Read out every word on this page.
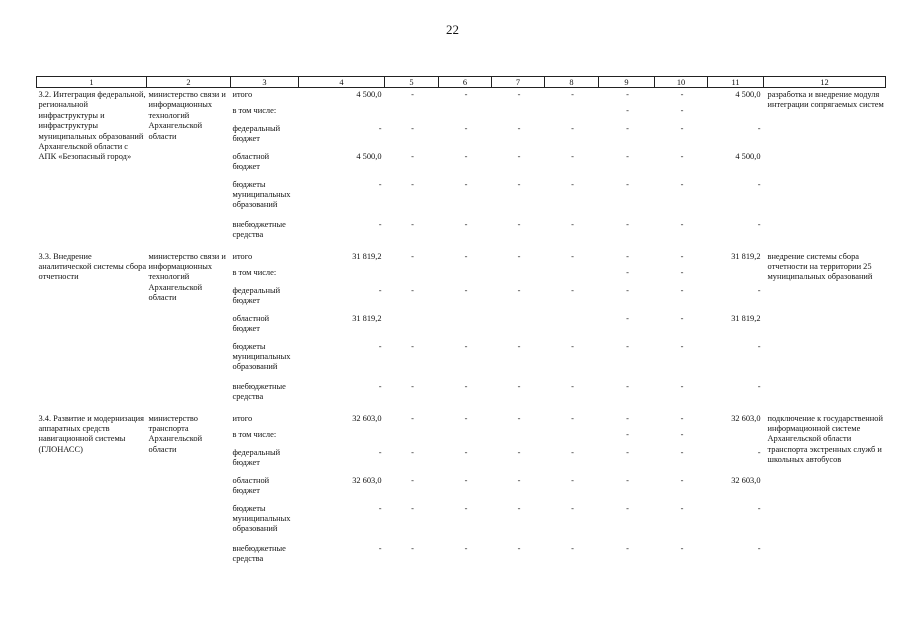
22
1	2	3	4	5	6	7	8	9	10	11	12
3.2. Интеграция федеральной, региональной инфраструктуры и инфраструктуры муниципальных образований Архангельской области с АПК «Безопасный город»	министерство связи и информационных технологий Архангельской области	итого	4 500,0	-	-	-	-	-	-	4 500,0	разработка и внедрение модуля интеграции сопрягаемых систем
		в том числе:						-	-		
		федеральный бюджет	-	-	-	-	-	-	-	-	
		областной бюджет	4 500,0	-	-	-	-	-	-	4 500,0	
		бюджеты муниципальных образований	-	-	-	-	-	-	-	-	
		внебюджетные средства	-	-	-	-	-	-	-	-	

3.3. Внедрение аналитической системы сбора отчетности	министерство связи и информационных технологий Архангельской области	итого	31 819,2	-	-	-	-	-	-	31 819,2	внедрение системы сбора отчетности на территории 25 муниципальных образований
		в том числе:						-	-		
		федеральный бюджет	-	-	-	-	-	-	-	-	
		областной бюджет	31 819,2					-	-	31 819,2	
		бюджеты муниципальных образований	-	-	-	-	-	-	-	-	
		внебюджетные средства	-	-	-	-	-	-	-	-	

3.4. Развитие и модернизация аппаратных средств навигационной системы (ГЛОНАСС)	министерство транспорта Архангельской области	итого	32 603,0	-	-	-	-	-	-	32 603,0	подключение к государственной информационной системе Архангельской области транспорта экстренных служб и школьных автобусов
		в том числе:						-	-		
		федеральный бюджет	-	-	-	-	-	-	-	-	
		областной бюджет	32 603,0	-	-	-	-	-	-	32 603,0	
		бюджеты муниципальных образований	-	-	-	-	-	-	-	-	
		внебюджетные средства	-	-	-	-	-	-	-	-	
